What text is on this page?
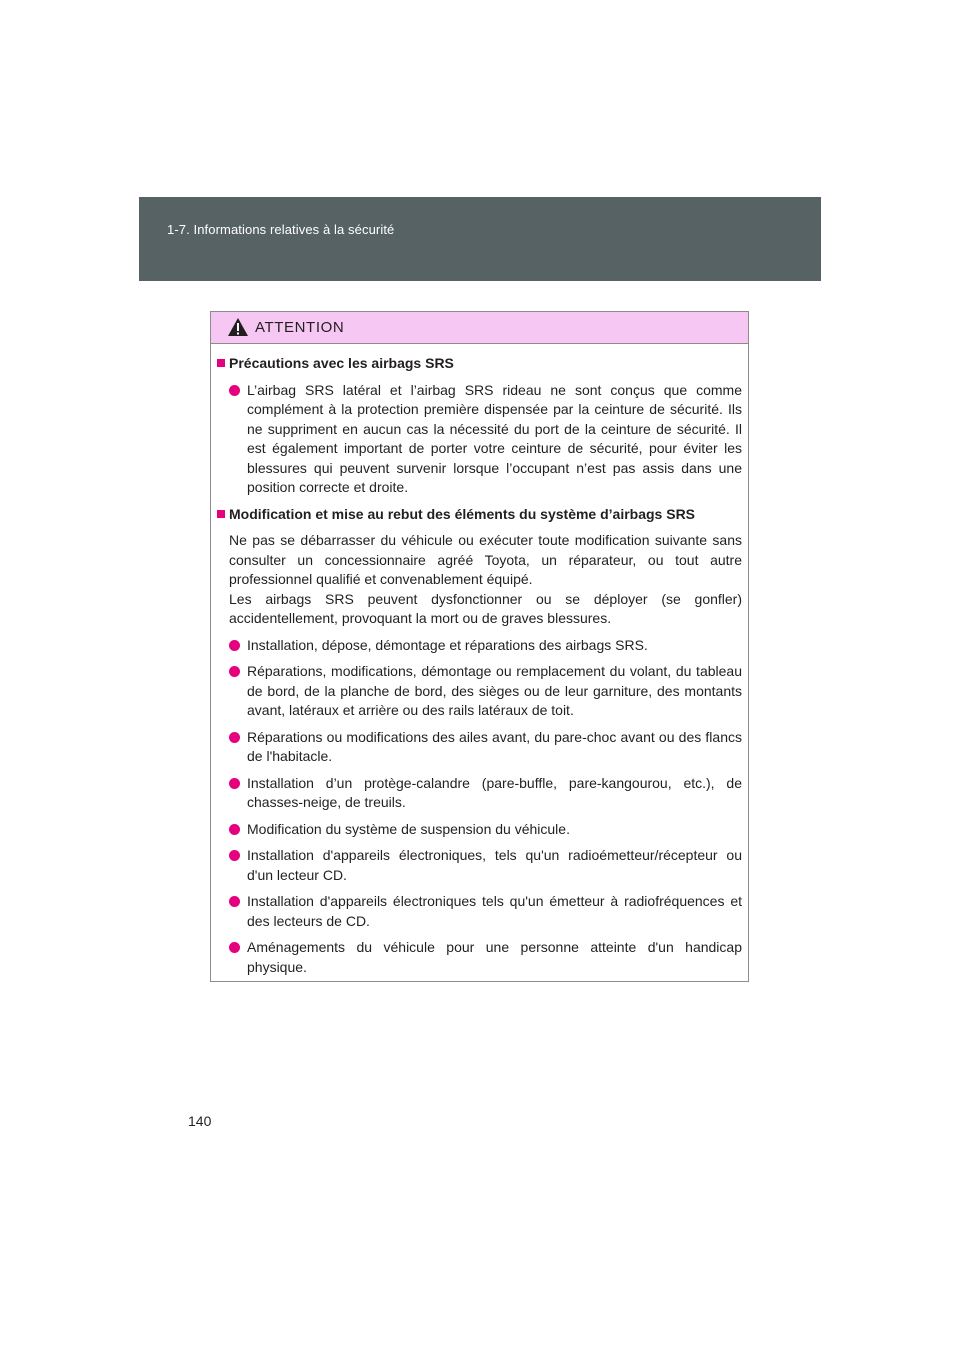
1-7. Informations relatives à la sécurité
ATTENTION
Précautions avec les airbags SRS
L’airbag SRS latéral et l’airbag SRS rideau ne sont conçus que comme complément à la protection première dispensée par la ceinture de sécurité. Ils ne suppriment en aucun cas la nécessité du port de la ceinture de sécurité. Il est également important de porter votre ceinture de sécurité, pour éviter les blessures qui peuvent survenir lorsque l’occupant n’est pas assis dans une position correcte et droite.
Modification et mise au rebut des éléments du système d’airbags SRS

Ne pas se débarrasser du véhicule ou exécuter toute modification suivante sans consulter un concessionnaire agréé Toyota, un réparateur, ou tout autre professionnel qualifié et convenablement équipé.

Les airbags SRS peuvent dysfonctionner ou se déployer (se gonfler) accidentellement, provoquant la mort ou de graves blessures.

Installation, dépose, démontage et réparations des airbags SRS.
Réparations, modifications, démontage ou remplacement du volant, du tableau de bord, de la planche de bord, des sièges ou de leur garniture, des montants avant, latéraux et arrière ou des rails latéraux de toit.
Réparations ou modifications des ailes avant, du pare-choc avant ou des flancs de l'habitacle.
Installation d’un protège-calandre (pare-buffle, pare-kangourou, etc.), de chasses-neige, de treuils.
Modification du système de suspension du véhicule.
Installation d'appareils électroniques, tels qu'un radioémetteur/récepteur ou d'un lecteur CD.
Installation d'appareils électroniques tels qu'un émetteur à radiofréquences et des lecteurs de CD.
Aménagements du véhicule pour une personne atteinte d'un handicap physique.
140
